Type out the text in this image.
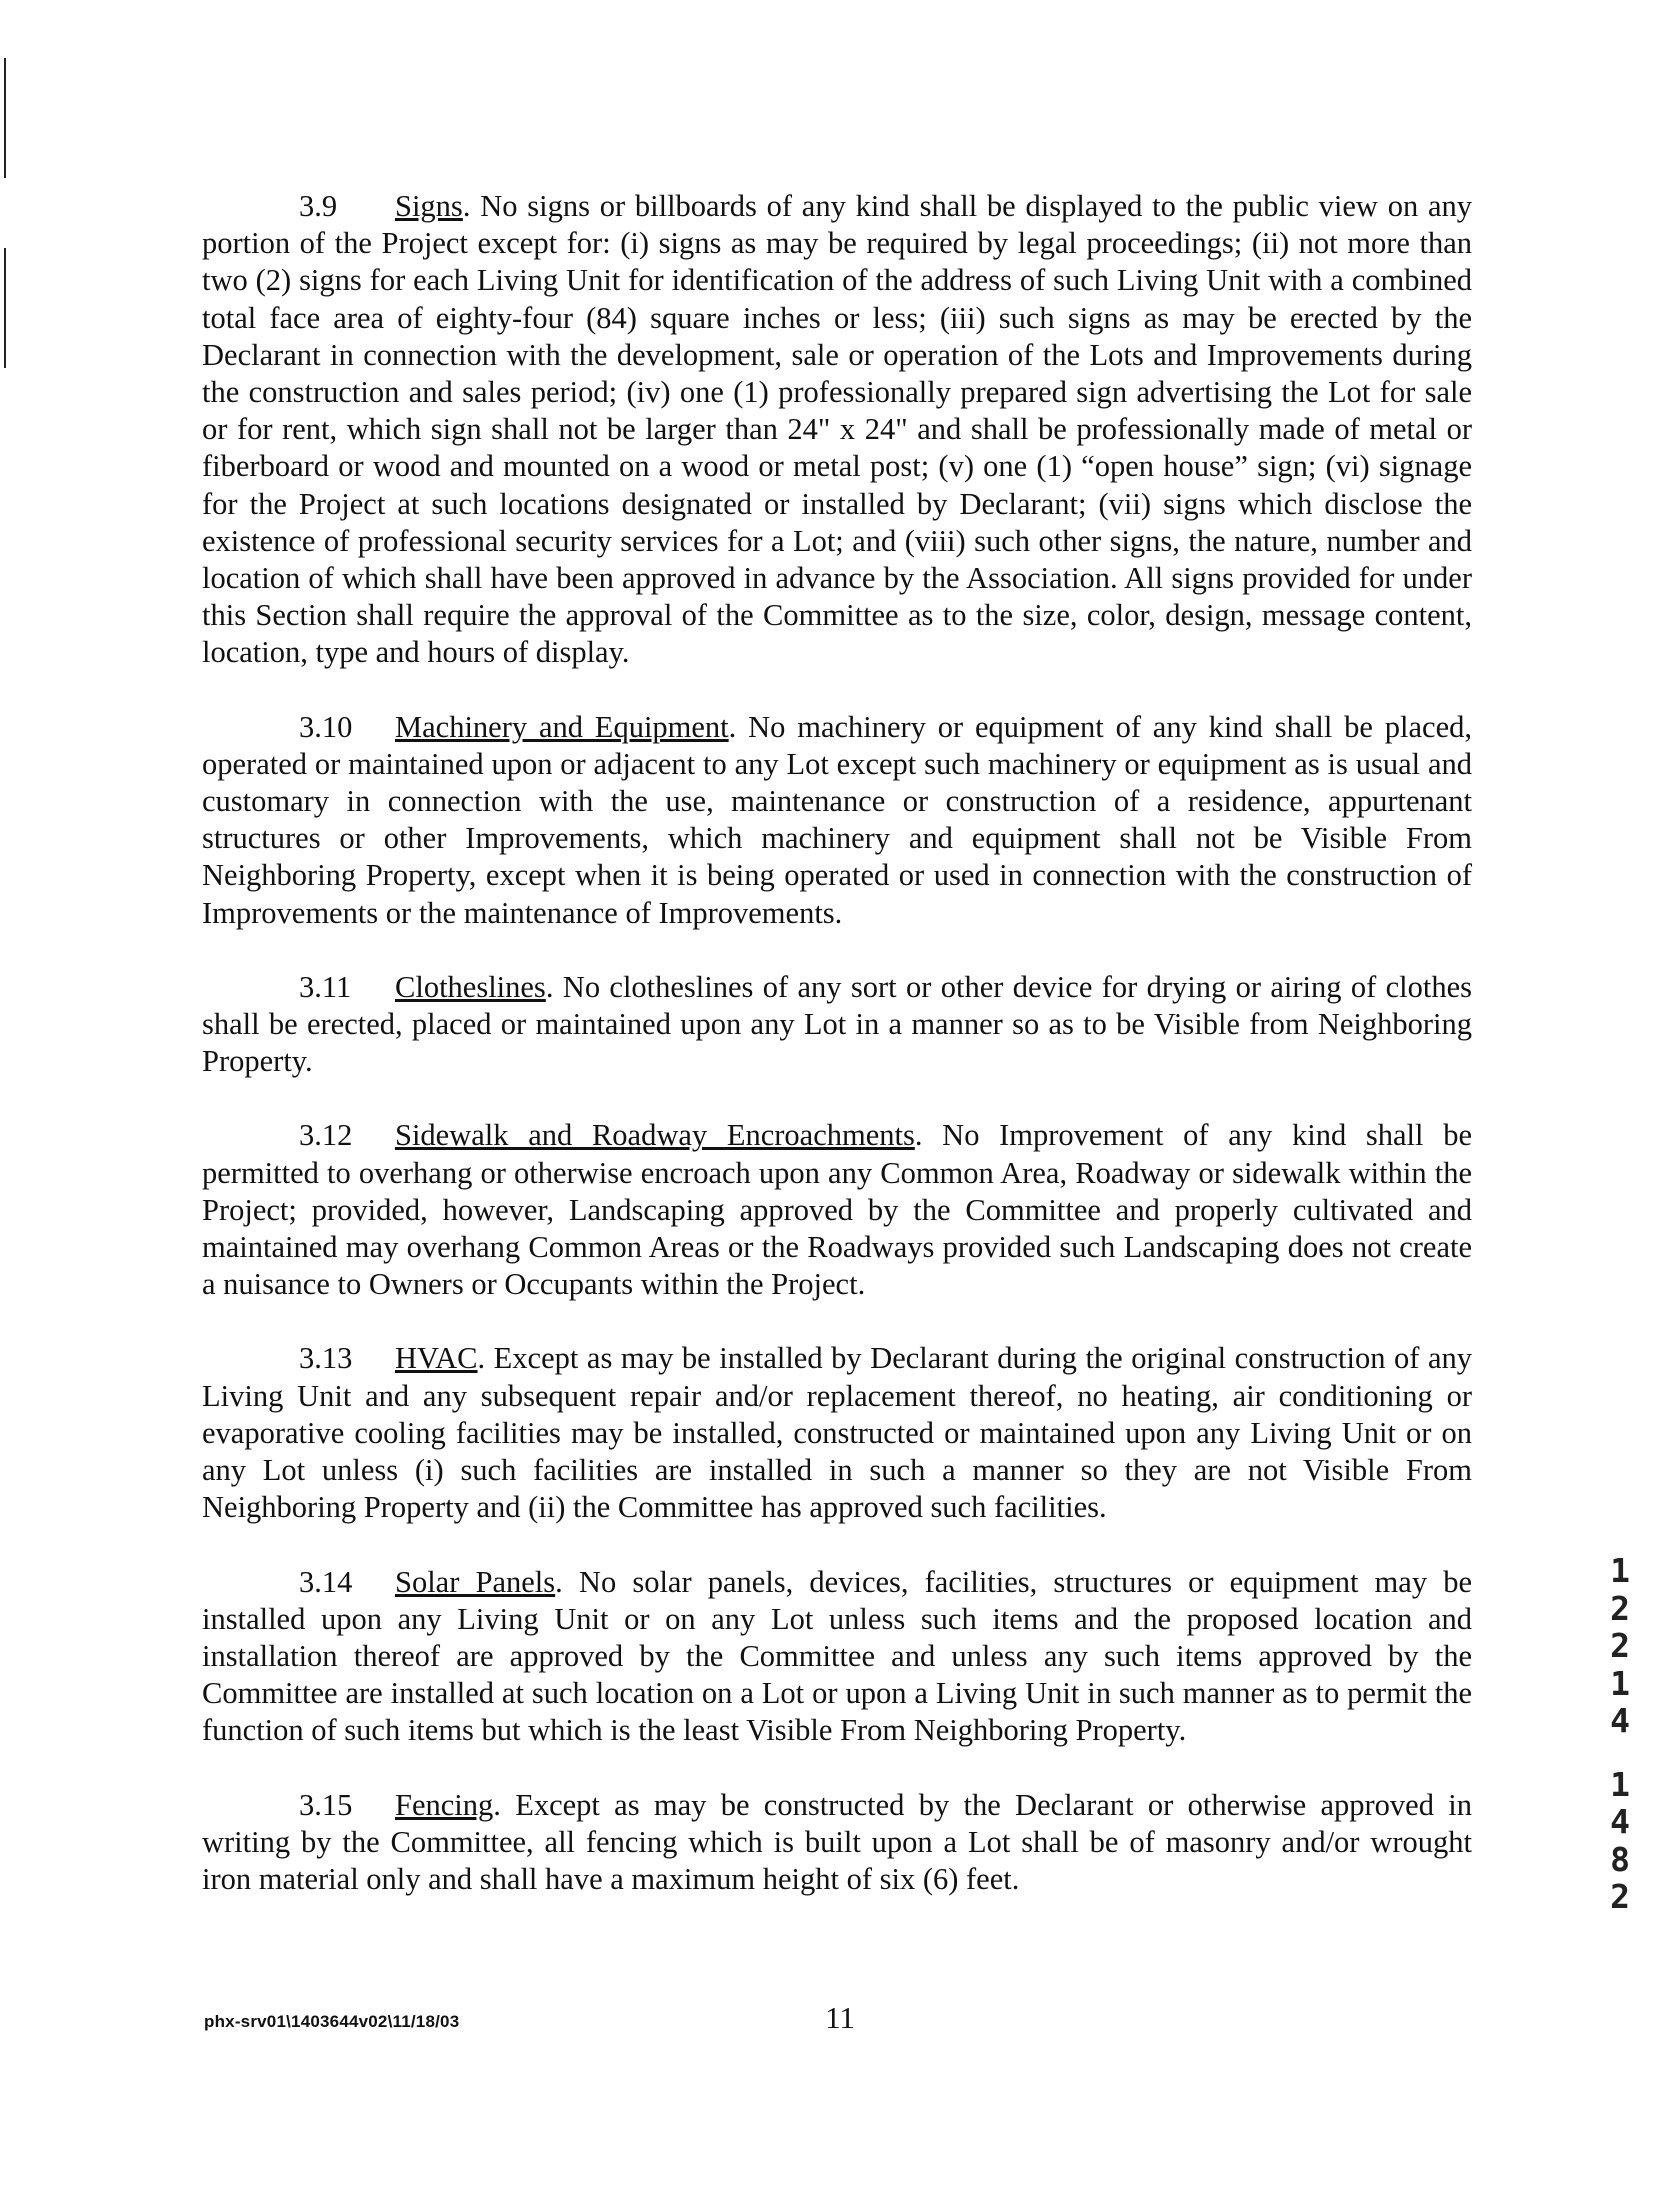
3.9 Signs. No signs or billboards of any kind shall be displayed to the public view on any portion of the Project except for: (i) signs as may be required by legal proceedings; (ii) not more than two (2) signs for each Living Unit for identification of the address of such Living Unit with a combined total face area of eighty-four (84) square inches or less; (iii) such signs as may be erected by the Declarant in connection with the development, sale or operation of the Lots and Improvements during the construction and sales period; (iv) one (1) professionally prepared sign advertising the Lot for sale or for rent, which sign shall not be larger than 24" x 24" and shall be professionally made of metal or fiberboard or wood and mounted on a wood or metal post; (v) one (1) “open house” sign; (vi) signage for the Project at such locations designated or installed by Declarant; (vii) signs which disclose the existence of professional security services for a Lot; and (viii) such other signs, the nature, number and location of which shall have been approved in advance by the Association. All signs provided for under this Section shall require the approval of the Committee as to the size, color, design, message content, location, type and hours of display.

3.10 Machinery and Equipment. No machinery or equipment of any kind shall be placed, operated or maintained upon or adjacent to any Lot except such machinery or equipment as is usual and customary in connection with the use, maintenance or construction of a residence, appurtenant structures or other Improvements, which machinery and equipment shall not be Visible From Neighboring Property, except when it is being operated or used in connection with the construction of Improvements or the maintenance of Improvements.

3.11 Clotheslines. No clotheslines of any sort or other device for drying or airing of clothes shall be erected, placed or maintained upon any Lot in a manner so as to be Visible from Neighboring Property.

3.12 Sidewalk and Roadway Encroachments. No Improvement of any kind shall be permitted to overhang or otherwise encroach upon any Common Area, Roadway or sidewalk within the Project; provided, however, Landscaping approved by the Committee and properly cultivated and maintained may overhang Common Areas or the Roadways provided such Landscaping does not create a nuisance to Owners or Occupants within the Project.

3.13 HVAC. Except as may be installed by Declarant during the original construction of any Living Unit and any subsequent repair and/or replacement thereof, no heating, air conditioning or evaporative cooling facilities may be installed, constructed or maintained upon any Living Unit or on any Lot unless (i) such facilities are installed in such a manner so they are not Visible From Neighboring Property and (ii) the Committee has approved such facilities.

3.14 Solar Panels. No solar panels, devices, facilities, structures or equipment may be installed upon any Living Unit or on any Lot unless such items and the proposed location and installation thereof are approved by the Committee and unless any such items approved by the Committee are installed at such location on a Lot or upon a Living Unit in such manner as to permit the function of such items but which is the least Visible From Neighboring Property.

3.15 Fencing. Except as may be constructed by the Declarant or otherwise approved in writing by the Committee, all fencing which is built upon a Lot shall be of masonry and/or wrought iron material only and shall have a maximum height of six (6) feet.

1
2
2
1
4
1
4
8
2
phx-srv01\1403644v02\11/18/03	11
